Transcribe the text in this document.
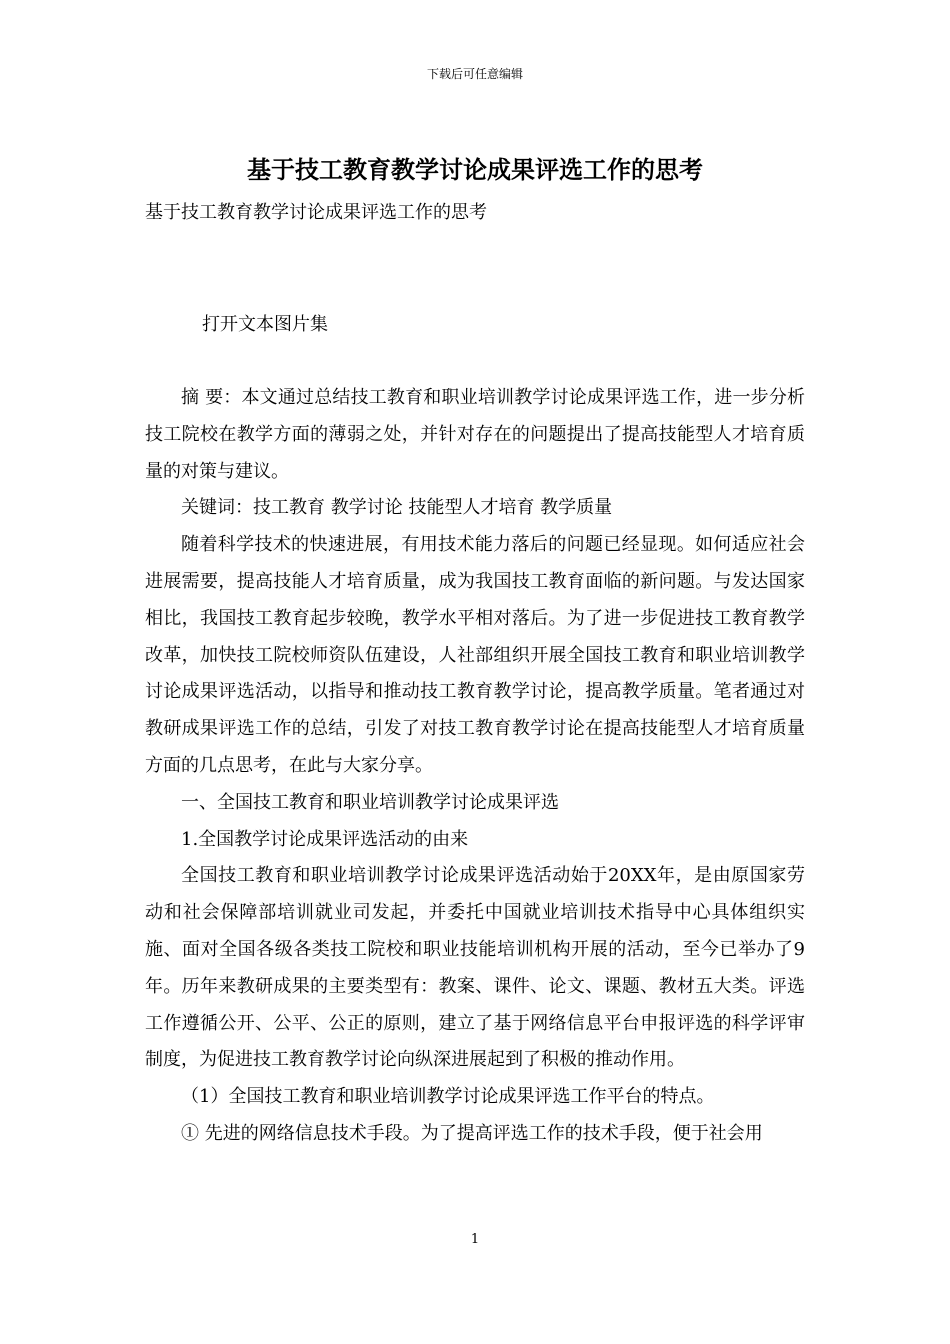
下载后可任意编辑
基于技工教育教学讨论成果评选工作的思考
基于技工教育教学讨论成果评选工作的思考
打开文本图片集

摘 要：本文通过总结技工教育和职业培训教学讨论成果评选工作，进一步分析技工院校在教学方面的薄弱之处，并针对存在的问题提出了提高技能型人才培育质量的对策与建议。

关键词：技工教育 教学讨论 技能型人才培育 教学质量

随着科学技术的快速进展，有用技术能力落后的问题已经显现。如何适应社会进展需要，提高技能人才培育质量，成为我国技工教育面临的新问题。与发达国家相比，我国技工教育起步较晚，教学水平相对落后。为了进一步促进技工教育教学改革，加快技工院校师资队伍建设，人社部组织开展全国技工教育和职业培训教学讨论成果评选活动，以指导和推动技工教育教学讨论，提高教学质量。笔者通过对教研成果评选工作的总结，引发了对技工教育教学讨论在提高技能型人才培育质量方面的几点思考，在此与大家分享。

一、全国技工教育和职业培训教学讨论成果评选

1.全国教学讨论成果评选活动的由来

全国技工教育和职业培训教学讨论成果评选活动始于20XX年，是由原国家劳动和社会保障部培训就业司发起，并委托中国就业培训技术指导中心具体组织实施、面对全国各级各类技工院校和职业技能培训机构开展的活动，至今已举办了9年。历年来教研成果的主要类型有：教案、课件、论文、课题、教材五大类。评选工作遵循公开、公平、公正的原则，建立了基于网络信息平台申报评选的科学评审制度，为促进技工教育教学讨论向纵深进展起到了积极的推动作用。

（1）全国技工教育和职业培训教学讨论成果评选工作平台的特点。

① 先进的网络信息技术手段。为了提高评选工作的技术手段，便于社会用

1
